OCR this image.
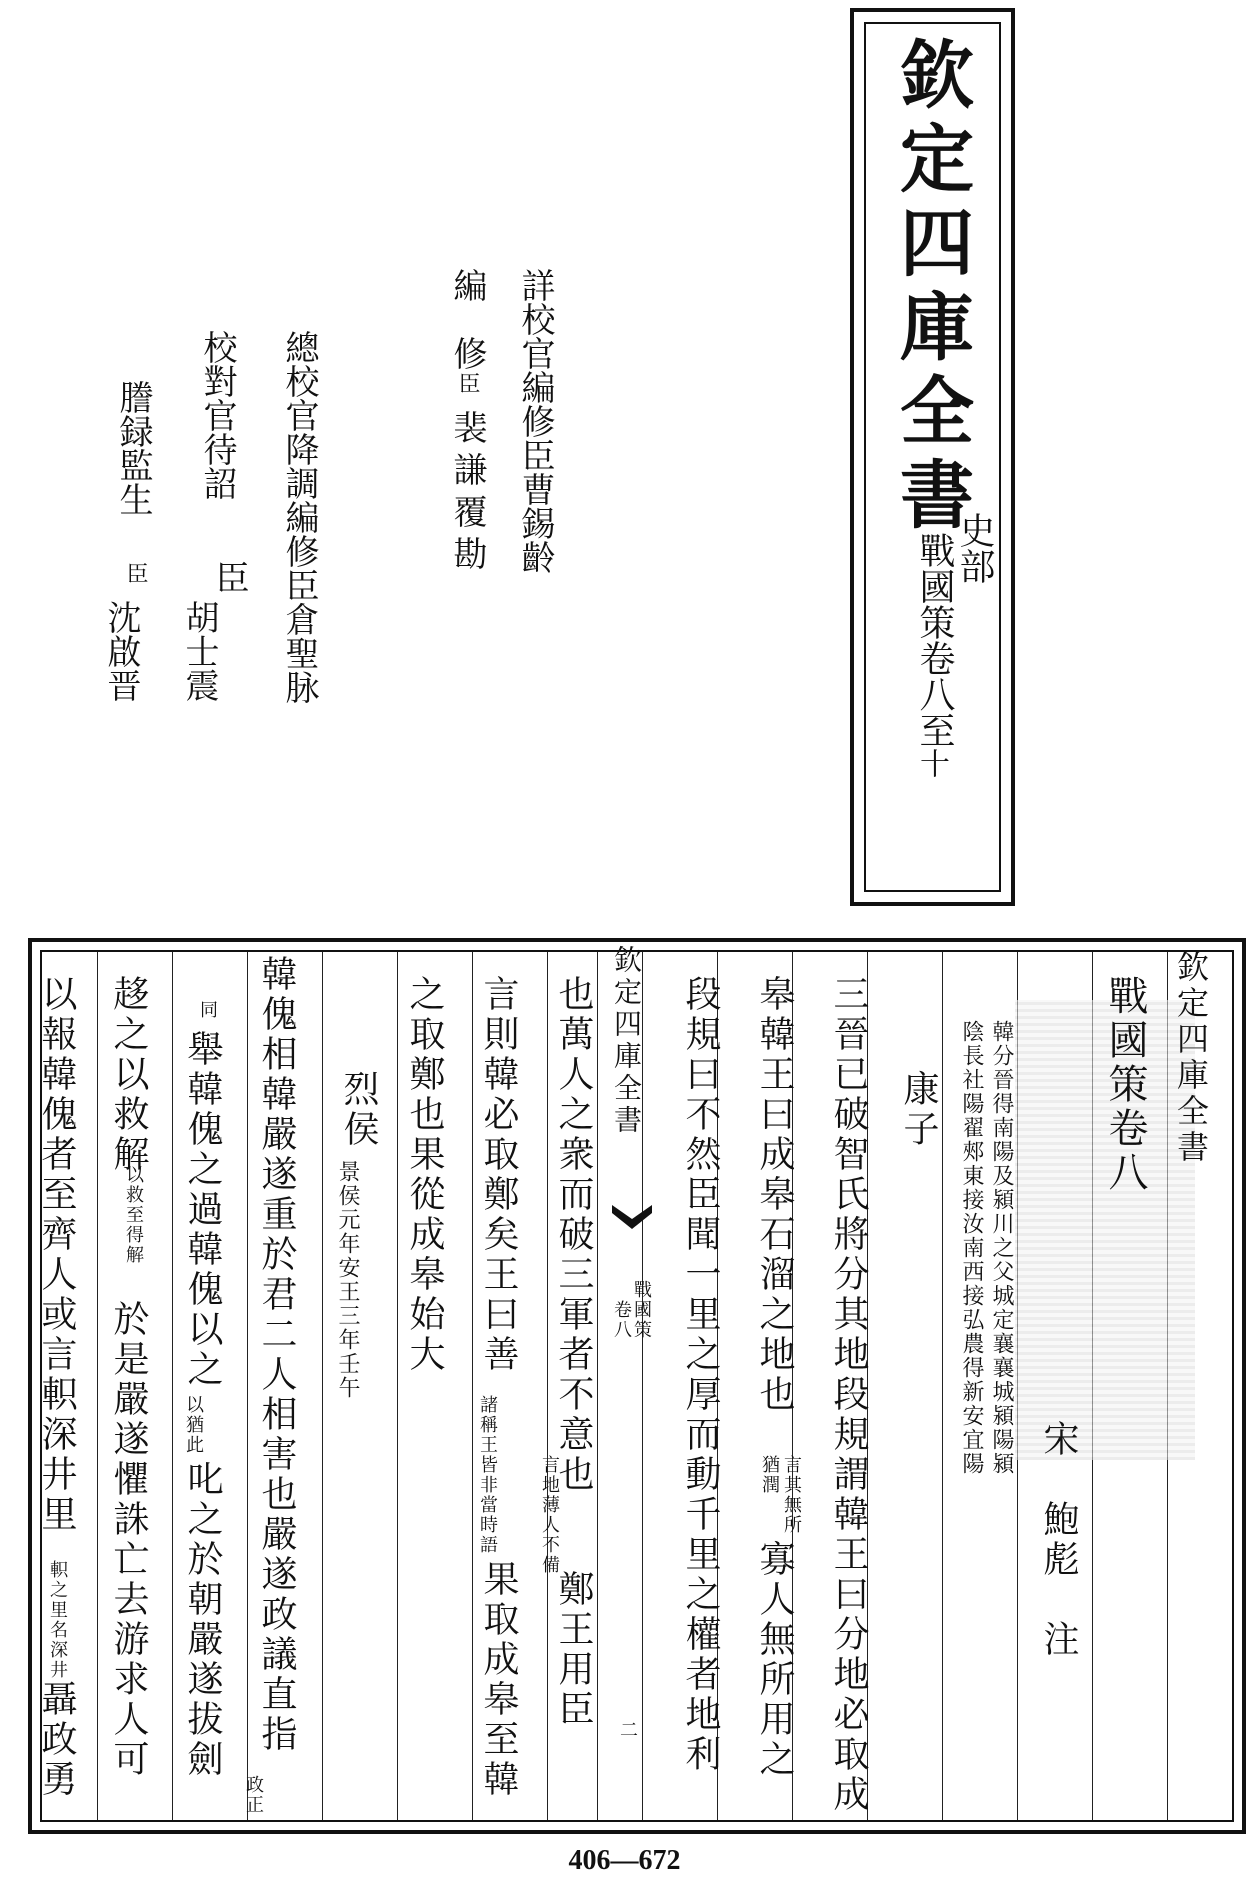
欽定四庫全書
史部
戰國策卷八至
十
詳校官編修臣曹錫齡
編
修
臣
裴謙覆勘
總校官降調編修臣倉聖脉
校對官待詔
臣
胡士震
謄録監生
臣
沈啟晋
欽定四庫全書
戰國策卷八
宋　鮑彪　注
韓分晉得南陽及潁川之父城定襄襄城潁陽潁
陰長社陽翟郟東接汝南西接弘農得新安宜陽
康子
三晉已破智氏將分其地段規謂韓王曰分地必取成
皋韓王曰成皋石溜之地也
言其無所
猶潤
寡人無所用之
段規曰不然臣聞一里之厚而動千里之權者地利
欽定四庫全書
戰國策
卷八
二
也萬人之衆而破三軍者不意也
言地薄人不備
鄭王用臣
言則韓必取鄭矣王曰善
諸稱王皆非當時語
果取成皋至韓
之取鄭也果從成皋始大
烈侯
景侯元年安王三年壬午
韓傀相韓嚴遂重於君二人相害也嚴遂政議直指
政正
同
舉韓傀之過韓傀以之
以猶此
叱之於朝嚴遂拔劍
趍之以救解
以救至得解
於是嚴遂懼誅亡去游求人可
以報韓傀者至齊人或言軹深井里
軹之里名深井
聶政勇
406—672
